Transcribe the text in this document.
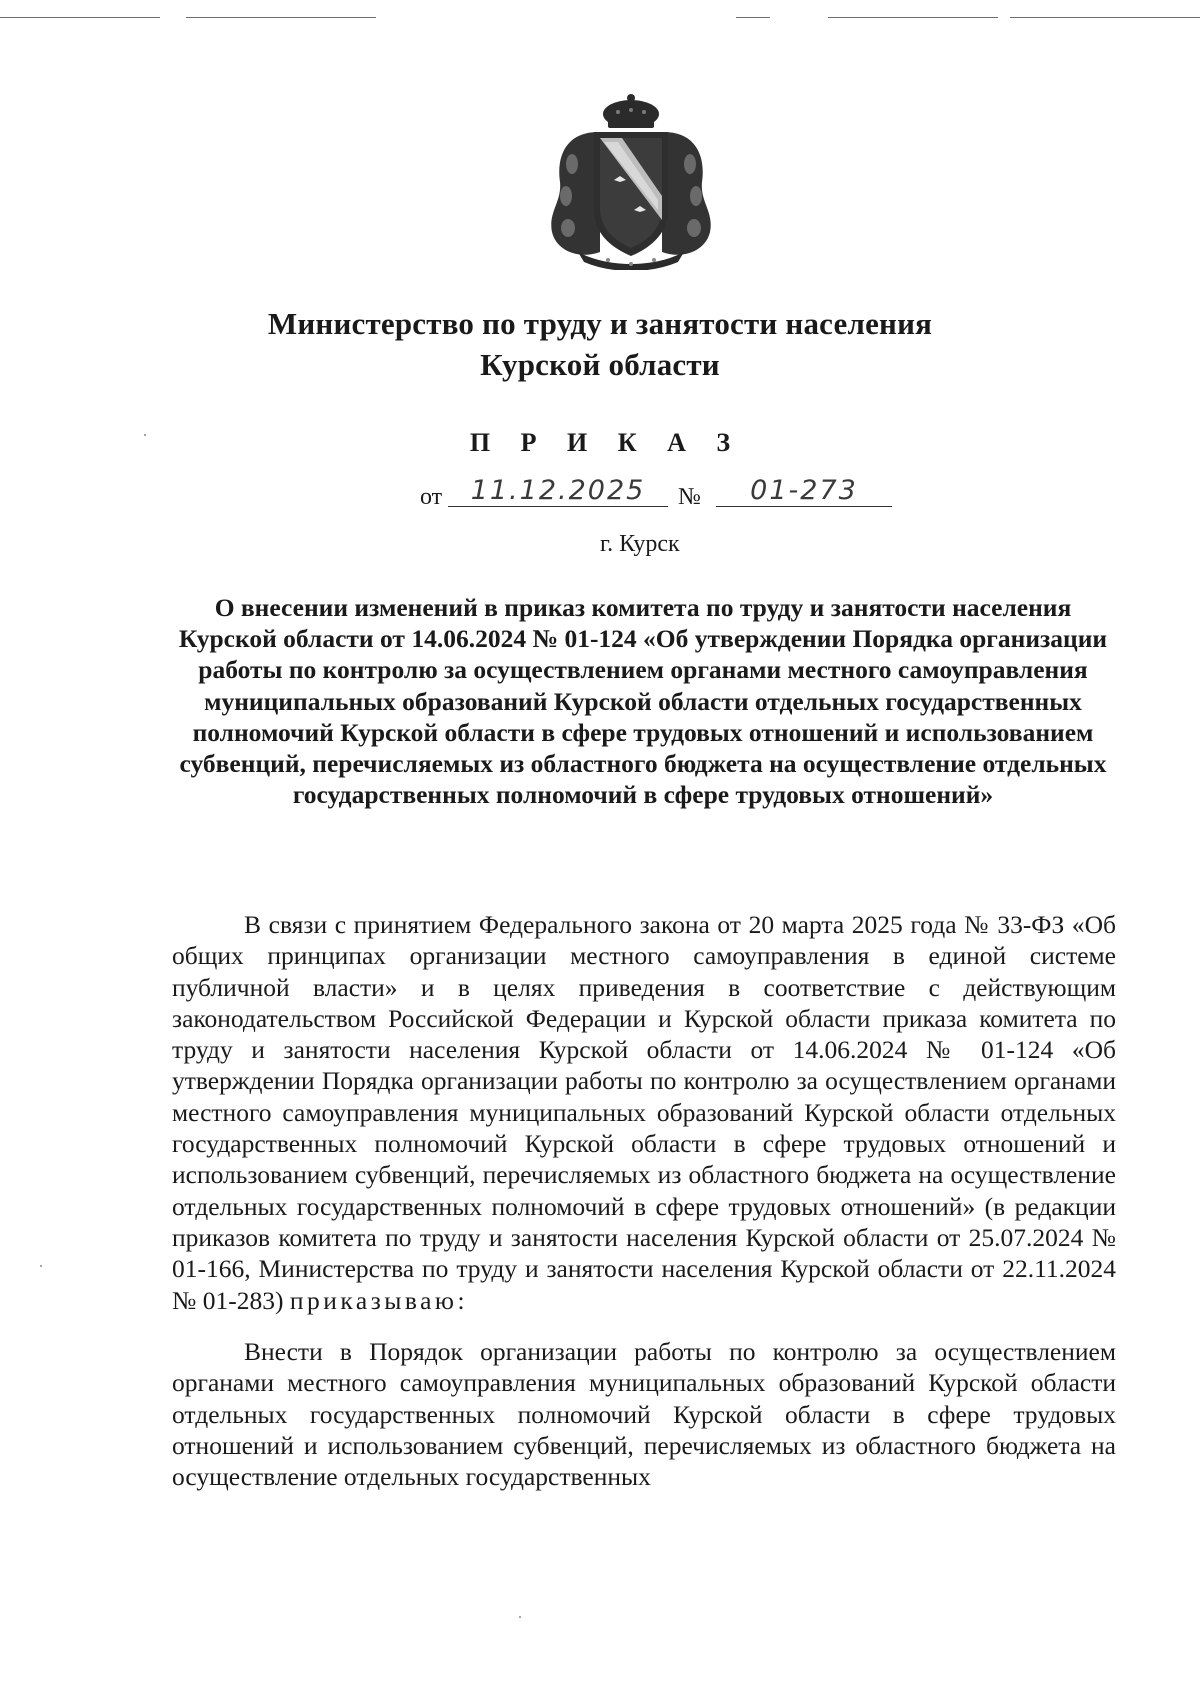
Министерство по труду и занятости населения
Курской области
П Р И К А З
от	11.12.2025	№	01-273
г. Курск
О внесении изменений в приказ комитета по труду и занятости населения Курской области от 14.06.2024 № 01-124 «Об утверждении Порядка организации работы по контролю за осуществлением органами местного самоуправления муниципальных образований Курской области отдельных государственных полномочий Курской области в сфере трудовых отношений и использованием субвенций, перечисляемых из областного бюджета на осуществление отдельных государственных полномочий в сфере трудовых отношений»

В связи с принятием Федерального закона от 20 марта 2025 года № 33-ФЗ «Об общих принципах организации местного самоуправления в единой системе публичной власти» и в целях приведения в соответствие с действующим законодательством Российской Федерации и Курской области приказа комитета по труду и занятости населения Курской области от 14.06.2024 № 01-124 «Об утверждении Порядка организации работы по контролю за осуществлением органами местного самоуправления муниципальных образований Курской области отдельных государственных полномочий Курской области в сфере трудовых отношений и использованием субвенций, перечисляемых из областного бюджета на осуществление отдельных государственных полномочий в сфере трудовых отношений» (в редакции приказов комитета по труду и занятости населения Курской области от 25.07.2024 № 01-166, Министерства по труду и занятости населения Курской области от 22.11.2024 № 01-283) приказываю:

Внести в Порядок организации работы по контролю за осуществлением органами местного самоуправления муниципальных образований Курской области отдельных государственных полномочий Курской области в сфере трудовых отношений и использованием субвенций, перечисляемых из областного бюджета на осуществление отдельных государственных
